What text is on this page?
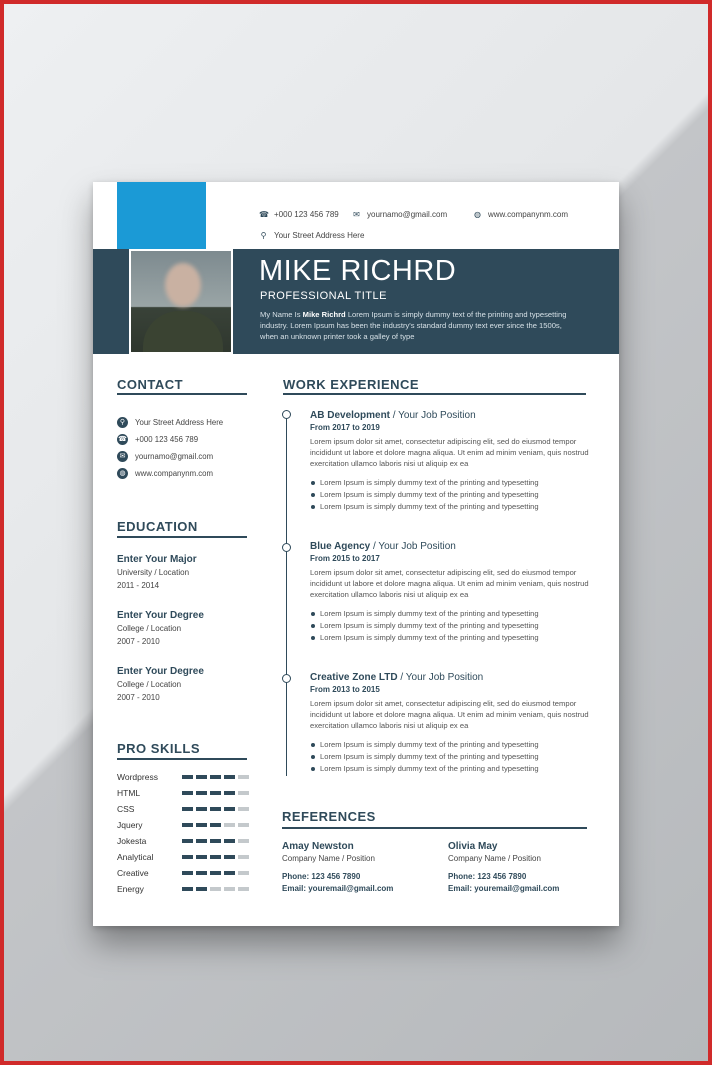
☎ +000 123 456 789 ✉ yournamo@gmail.com	◍ www.companynm.com
⚲ Your Street Address Here
MIKE RICHRD
PROFESSIONAL TITLE
My Name Is Mike Richrd Lorem Ipsum is simply dummy text of the printing and typesetting industry. Lorem Ipsum has been the industry's standard dummy text ever since the 1500s, when an unknown printer took a galley of type
CONTACT
⚲	Your Street Address Here
☎ +000 123 456 789
✉	yournamo@gmail.com
◍	www.companynm.com
EDUCATION
Enter Your Major
University / Location
2011 - 2014
Enter Your Degree
College / Location
2007 - 2010
Enter Your Degree
College / Location
2007 - 2010
PRO SKILLS
Wordpress
HTML
CSS
Jquery
Jokesta
Analytical
Creative
Energy
WORK EXPERIENCE
AB Development / Your Job Position
From 2017 to 2019
Lorem ipsum dolor sit amet, consectetur adipiscing elit, sed do eiusmod tempor incididunt ut labore et dolore magna aliqua. Ut enim ad minim veniam, quis nostrud exercitation ullamco laboris nisi ut aliquip ex ea
Lorem Ipsum is simply dummy text of the printing and typesetting
Lorem Ipsum is simply dummy text of the printing and typesetting
Lorem Ipsum is simply dummy text of the printing and typesetting
Blue Agency / Your Job Position
From 2015 to 2017
Lorem ipsum dolor sit amet, consectetur adipiscing elit, sed do eiusmod tempor incididunt ut labore et dolore magna aliqua. Ut enim ad minim veniam, quis nostrud exercitation ullamco laboris nisi ut aliquip ex ea
Lorem Ipsum is simply dummy text of the printing and typesetting
Lorem Ipsum is simply dummy text of the printing and typesetting
Lorem Ipsum is simply dummy text of the printing and typesetting
Creative Zone LTD / Your Job Position
From 2013 to 2015
Lorem ipsum dolor sit amet, consectetur adipiscing elit, sed do eiusmod tempor incididunt ut labore et dolore magna aliqua. Ut enim ad minim veniam, quis nostrud exercitation ullamco laboris nisi ut aliquip ex ea
Lorem Ipsum is simply dummy text of the printing and typesetting
Lorem Ipsum is simply dummy text of the printing and typesetting
Lorem Ipsum is simply dummy text of the printing and typesetting
REFERENCES
Amay Newston
Company Name / Position
Phone: 123 456 7890
Email: youremail@gmail.com
Olivia May
Company Name / Position
Phone: 123 456 7890
Email: youremail@gmail.com
